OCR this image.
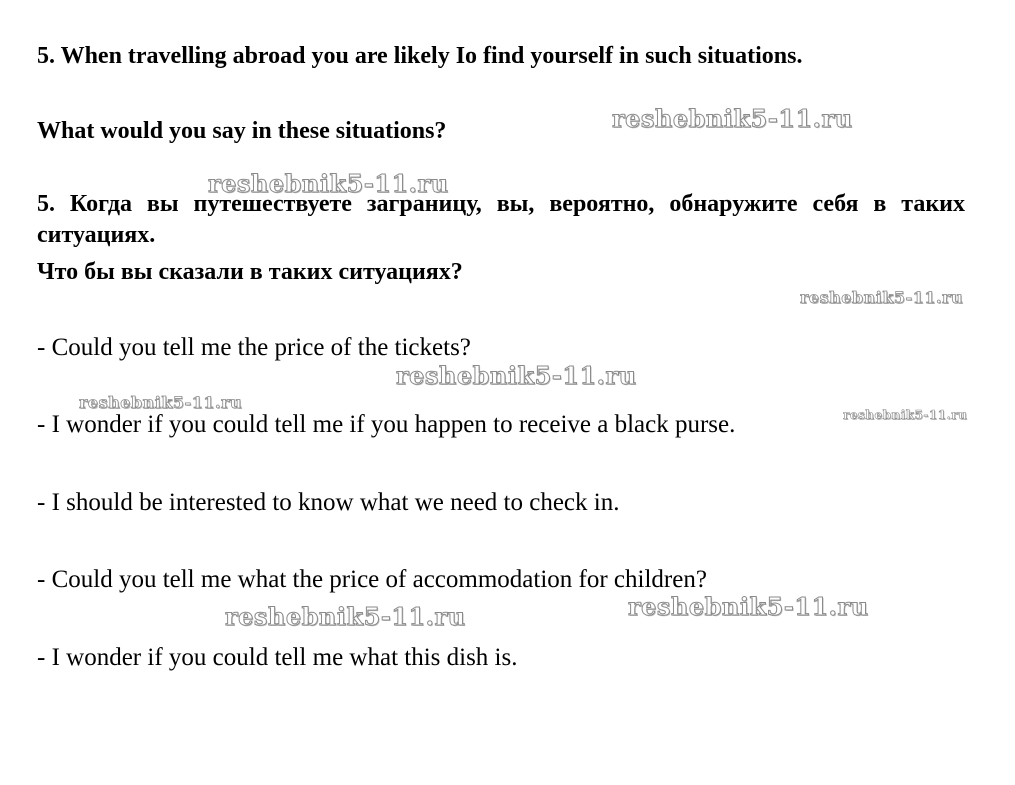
5. When travelling abroad you are likely Io find yourself in such situations.

What would you say in these situations?

5. Когда вы путешествуете заграницу, вы, вероятно, обнаружите себя в таких ситуациях.

Что бы вы сказали в таких ситуациях?

- Could you tell me the price of the tickets?

- I wonder if you could tell me if you happen to receive a black purse.

- I should be interested to know what we need to check in.

- Could you tell me what the price of accommodation for children?

- I wonder if you could tell me what this dish is.

reshebnik5-11.ru
reshebnik5-11.ru
reshebnik5-11.ru
reshebnik5-11.ru
reshebnik5-11.ru
reshebnik5-11.ru
reshebnik5-11.ru
reshebnik5-11.ru
